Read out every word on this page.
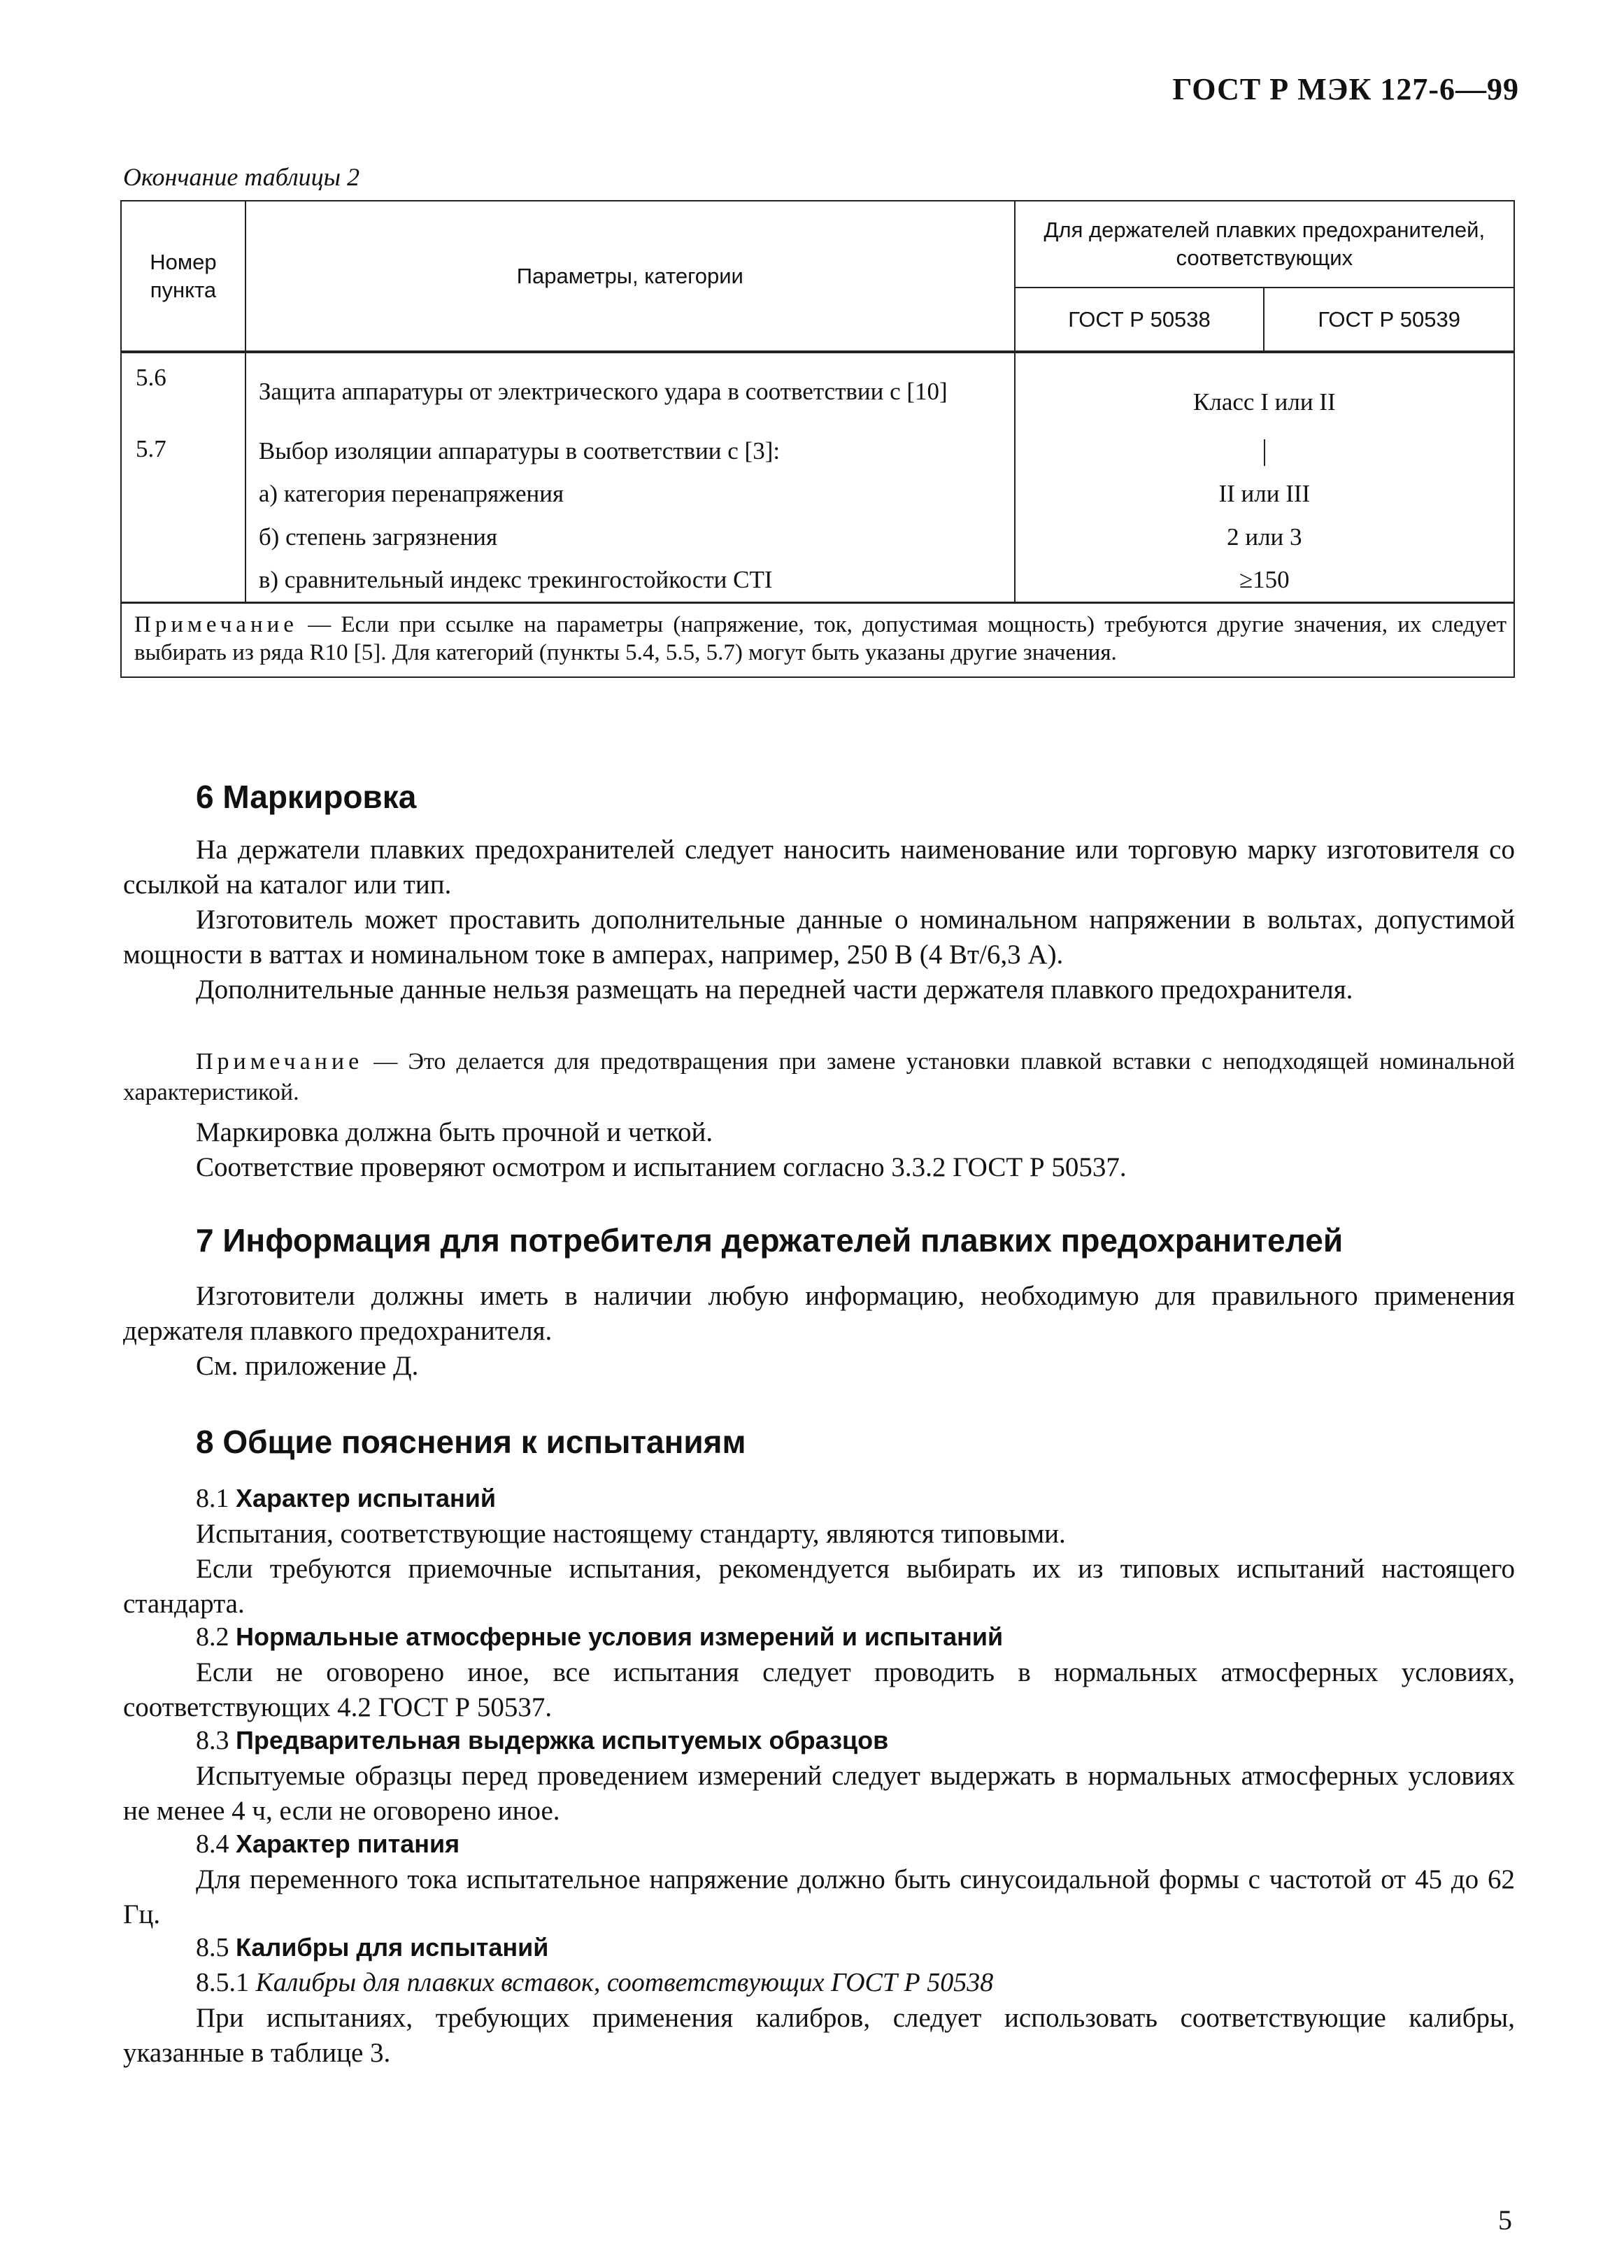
ГОСТ Р МЭК 127-6—99
Окончание таблицы 2
Номер пункта	Параметры, категории	Для держателей плавких предохранителей, соответствующих	
		ГОСТ Р 50538	ГОСТ Р 50539
5.6	Защита аппаратуры от электрического удара в соответствии с [10]	Класс I или II	
5.7	Выбор изоляции аппаратуры в соответствии с [3]:		
	а) категория перенапряжения	II или III	
	б) степень загрязнения	2 или 3	
	в) сравнительный индекс трекингостойкости CTI	≥150	
Примечание — Если при ссылке на параметры (напряжение, ток, допустимая мощность) требуются другие значения, их следует выбирать из ряда R10 [5]. Для категорий (пункты 5.4, 5.5, 5.7) могут быть указаны другие значения.			
6 Маркировка
На держатели плавких предохранителей следует наносить наименование или торговую марку изготовителя со ссылкой на каталог или тип.
Изготовитель может проставить дополнительные данные о номинальном напряжении в вольтах, допустимой мощности в ваттах и номинальном токе в амперах, например, 250 В (4 Вт/6,3 А).
Дополнительные данные нельзя размещать на передней части держателя плавкого предохранителя.
Примечание — Это делается для предотвращения при замене установки плавкой вставки с неподходящей номинальной характеристикой.
Маркировка должна быть прочной и четкой.
Соответствие проверяют осмотром и испытанием согласно 3.3.2 ГОСТ Р 50537.
7 Информация для потребителя держателей плавких предохранителей
Изготовители должны иметь в наличии любую информацию, необходимую для правильного применения держателя плавкого предохранителя.
См. приложение Д.
8 Общие пояснения к испытаниям
8.1 Характер испытаний
Испытания, соответствующие настоящему стандарту, являются типовыми.
Если требуются приемочные испытания, рекомендуется выбирать их из типовых испытаний настоящего стандарта.
8.2 Нормальные атмосферные условия измерений и испытаний
Если не оговорено иное, все испытания следует проводить в нормальных атмосферных условиях, соответствующих 4.2 ГОСТ Р 50537.
8.3 Предварительная выдержка испытуемых образцов
Испытуемые образцы перед проведением измерений следует выдержать в нормальных атмосферных условиях не менее 4 ч, если не оговорено иное.
8.4 Характер питания
Для переменного тока испытательное напряжение должно быть синусоидальной формы с частотой от 45 до 62 Гц.
8.5 Калибры для испытаний
8.5.1 Калибры для плавких вставок, соответствующих ГОСТ Р 50538
При испытаниях, требующих применения калибров, следует использовать соответствующие калибры, указанные в таблице 3.
5
